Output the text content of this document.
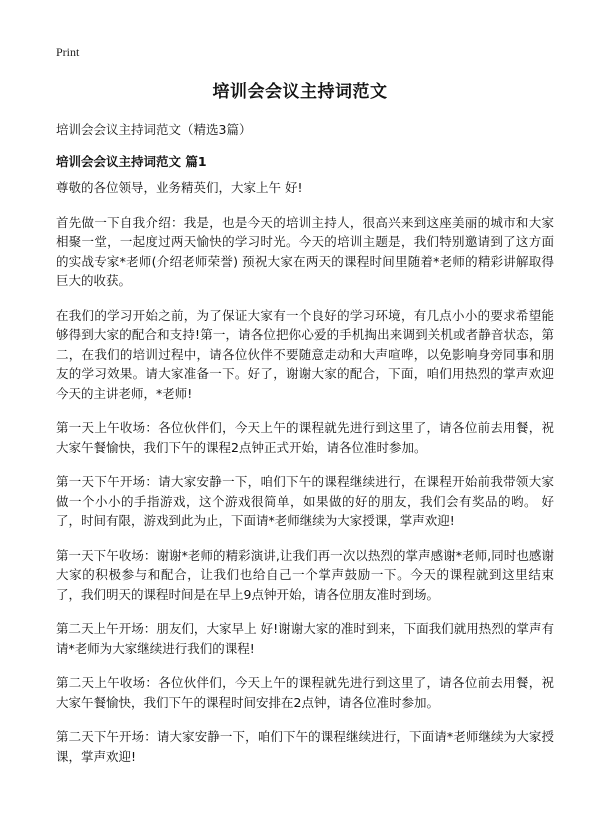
Print
培训会会议主持词范文
培训会会议主持词范文（精选3篇）
培训会会议主持词范文 篇1

尊敬的各位领导，业务精英们，大家上午 好!

首先做一下自我介绍：我是，也是今天的培训主持人，很高兴来到这座美丽的城市和大家相聚一堂，一起度过两天愉快的学习时光。今天的培训主题是，我们特别邀请到了这方面的实战专家*老师(介绍老师荣誉) 预祝大家在两天的课程时间里随着*老师的精彩讲解取得巨大的收获。

在我们的学习开始之前，为了保证大家有一个良好的学习环境，有几点小小的要求希望能够得到大家的配合和支持!第一，请各位把你心爱的手机掏出来调到关机或者静音状态，第二，在我们的培训过程中，请各位伙伴不要随意走动和大声喧哗，以免影响身旁同事和朋友的学习效果。请大家准备一下。好了，谢谢大家的配合，下面，咱们用热烈的掌声欢迎今天的主讲老师，*老师!

第一天上午收场：各位伙伴们，今天上午的课程就先进行到这里了，请各位前去用餐，祝大家午餐愉快，我们下午的课程2点钟正式开始，请各位准时参加。

第一天下午开场：请大家安静一下，咱们下午的课程继续进行，在课程开始前我带领大家做一个小小的手指游戏，这个游戏很简单，如果做的好的朋友，我们会有奖品的哟。 好了，时间有限，游戏到此为止，下面请*老师继续为大家授课，掌声欢迎!

第一天下午收场：谢谢*老师的精彩演讲,让我们再一次以热烈的掌声感谢*老师,同时也感谢大家的积极参与和配合，让我们也给自己一个掌声鼓励一下。今天的课程就到这里结束了，我们明天的课程时间是在早上9点钟开始，请各位朋友准时到场。

第二天上午开场：朋友们，大家早上 好!谢谢大家的准时到来，下面我们就用热烈的掌声有请*老师为大家继续进行我们的课程!

第二天上午收场：各位伙伴们，今天上午的课程就先进行到这里了，请各位前去用餐，祝大家午餐愉快，我们下午的课程时间安排在2点钟，请各位准时参加。

第二天下午开场：请大家安静一下，咱们下午的课程继续进行，下面请*老师继续为大家授课，掌声欢迎!
